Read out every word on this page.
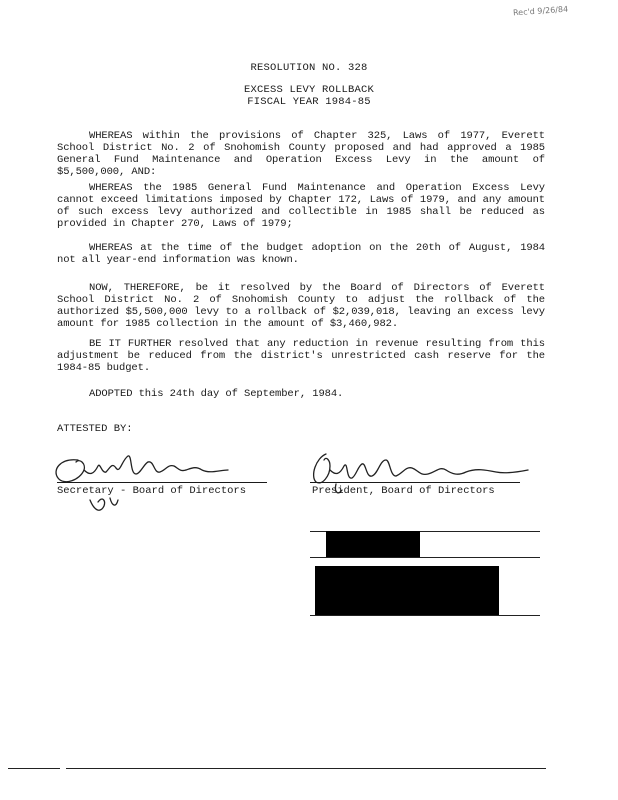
Rec'd 9/26/84
RESOLUTION NO. 328
EXCESS LEVY ROLLBACK
FISCAL YEAR 1984-85
WHEREAS within the provisions of Chapter 325, Laws of 1977, Everett School District No. 2 of Snohomish County proposed and had approved a 1985 General Fund Maintenance and Operation Excess Levy in the amount of $5,500,000, AND:
WHEREAS the 1985 General Fund Maintenance and Operation Excess Levy cannot exceed limitations imposed by Chapter 172, Laws of 1979, and any amount of such excess levy authorized and collectible in 1985 shall be reduced as provided in Chapter 270, Laws of 1979;
WHEREAS at the time of the budget adoption on the 20th of August, 1984 not all year-end information was known.
NOW, THEREFORE, be it resolved by the Board of Directors of Everett School District No. 2 of Snohomish County to adjust the rollback of the authorized $5,500,000 levy to a rollback of $2,039,018, leaving an excess levy amount for 1985 collection in the amount of $3,460,982.
BE IT FURTHER resolved that any reduction in revenue resulting from this adjustment be reduced from the district's unrestricted cash reserve for the 1984-85 budget.
ADOPTED this 24th day of September, 1984.
ATTESTED BY:
Secretary - Board of Directors	President, Board of Directors
